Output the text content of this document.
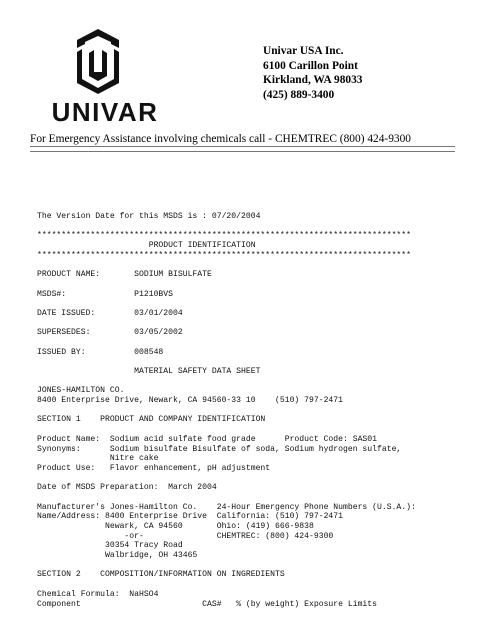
UNIVAR
Univar USA Inc.
6100 Carillon Point
Kirkland, WA 98033
(425) 889-3400
For Emergency Assistance involving chemicals call - CHEMTREC (800) 424-9300
The Version Date for this MSDS is : 07/20/2004
*****************************************************************************
PRODUCT IDENTIFICATION
*****************************************************************************
PRODUCT NAME:       SODIUM BISULFATE
MSDS#:              P1210BVS
DATE ISSUED:        03/01/2004
SUPERSEDES:         03/05/2002
ISSUED BY:          008548
MATERIAL SAFETY DATA SHEET
JONES-HAMILTON CO.
8400 Enterprise Drive, Newark, CA 94560-33 10    (510) 797-2471
SECTION 1    PRODUCT AND COMPANY IDENTIFICATION
Product Name:  Sodium acid sulfate food grade      Product Code: SAS01
Synonyms:      Sodium bisulfate Bisulfate of soda, Sodium hydrogen sulfate,
Nitre cake
Product Use:   Flavor enhancement, pH adjustment
Date of MSDS Preparation:  March 2004
Manufacturer's Jones-Hamilton Co.    24-Hour Emergency Phone Numbers (U.S.A.):
Name/Address: 8400 Enterprise Drive  California: (510) 797-2471
Newark, CA 94560       Ohio: (419) 666-9838
-or-               CHEMTREC: (800) 424-9300
30354 Tracy Road
Walbridge, OH 43465
SECTION 2    COMPOSITION/INFORMATION ON INGREDIENTS
Chemical Formula:  NaHSO4
Component                         CAS#   % (by weight) Exposure Limits
